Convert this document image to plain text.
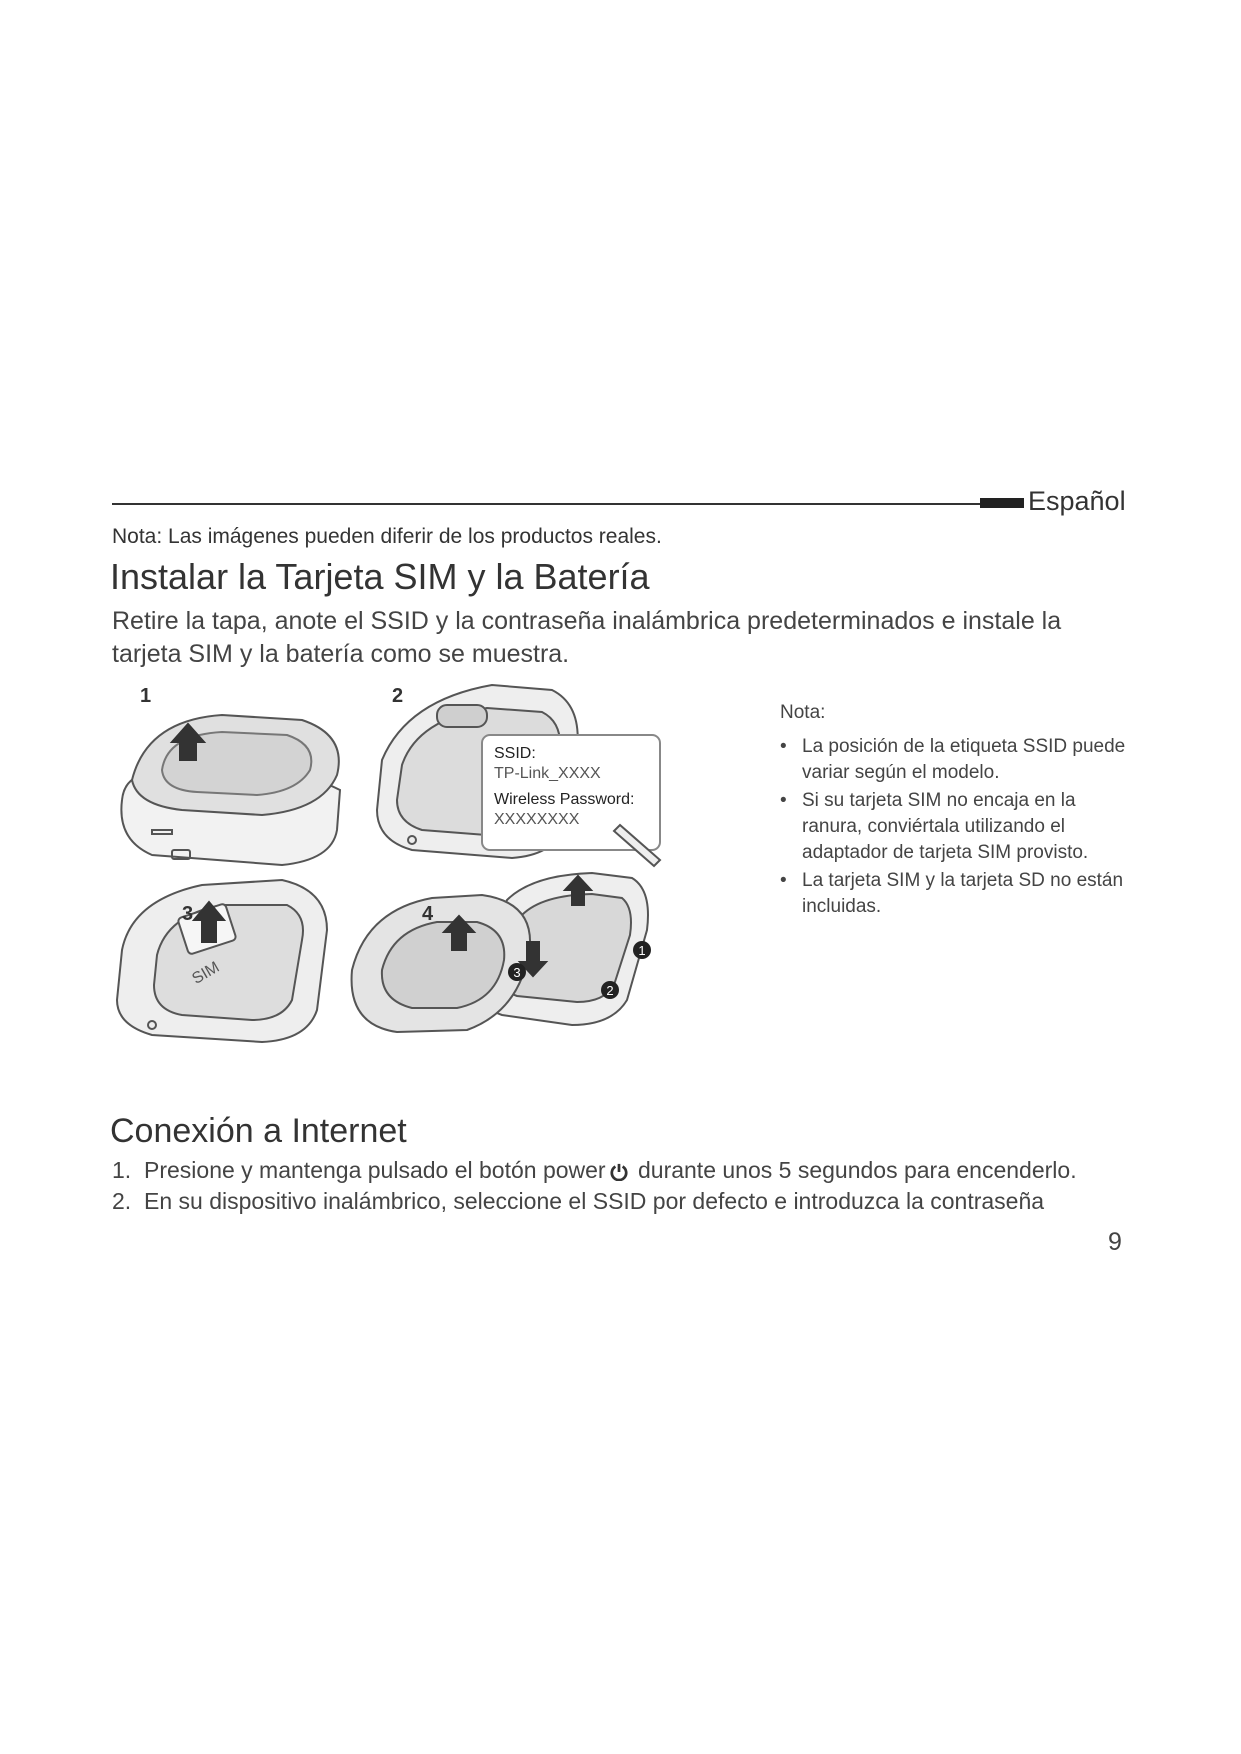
Español
Nota: Las imágenes pueden diferir de los productos reales.
Instalar la Tarjeta SIM y la Batería
Retire la tapa, anote el SSID y la contraseña inalámbrica predeterminados e instale la tarjeta SIM y la batería como se muestra.
1	2
3	4
SSID:
TP-Link_XXXX
Wireless Password:
XXXXXXXX
SIM
1
2
3
Nota:
• La posición de la etiqueta SSID puede variar según el modelo.
• Si su tarjeta SIM no encaja en la ranura, conviértala utilizando el adaptador de tarjeta SIM provisto.
• La tarjeta SIM y la tarjeta SD no están incluidas.
Conexión a Internet
1. Presione y mantenga pulsado el botón power durante unos 5 segundos para encenderlo.
2. En su dispositivo inalámbrico, seleccione el SSID por defecto e introduzca la contraseña
9
